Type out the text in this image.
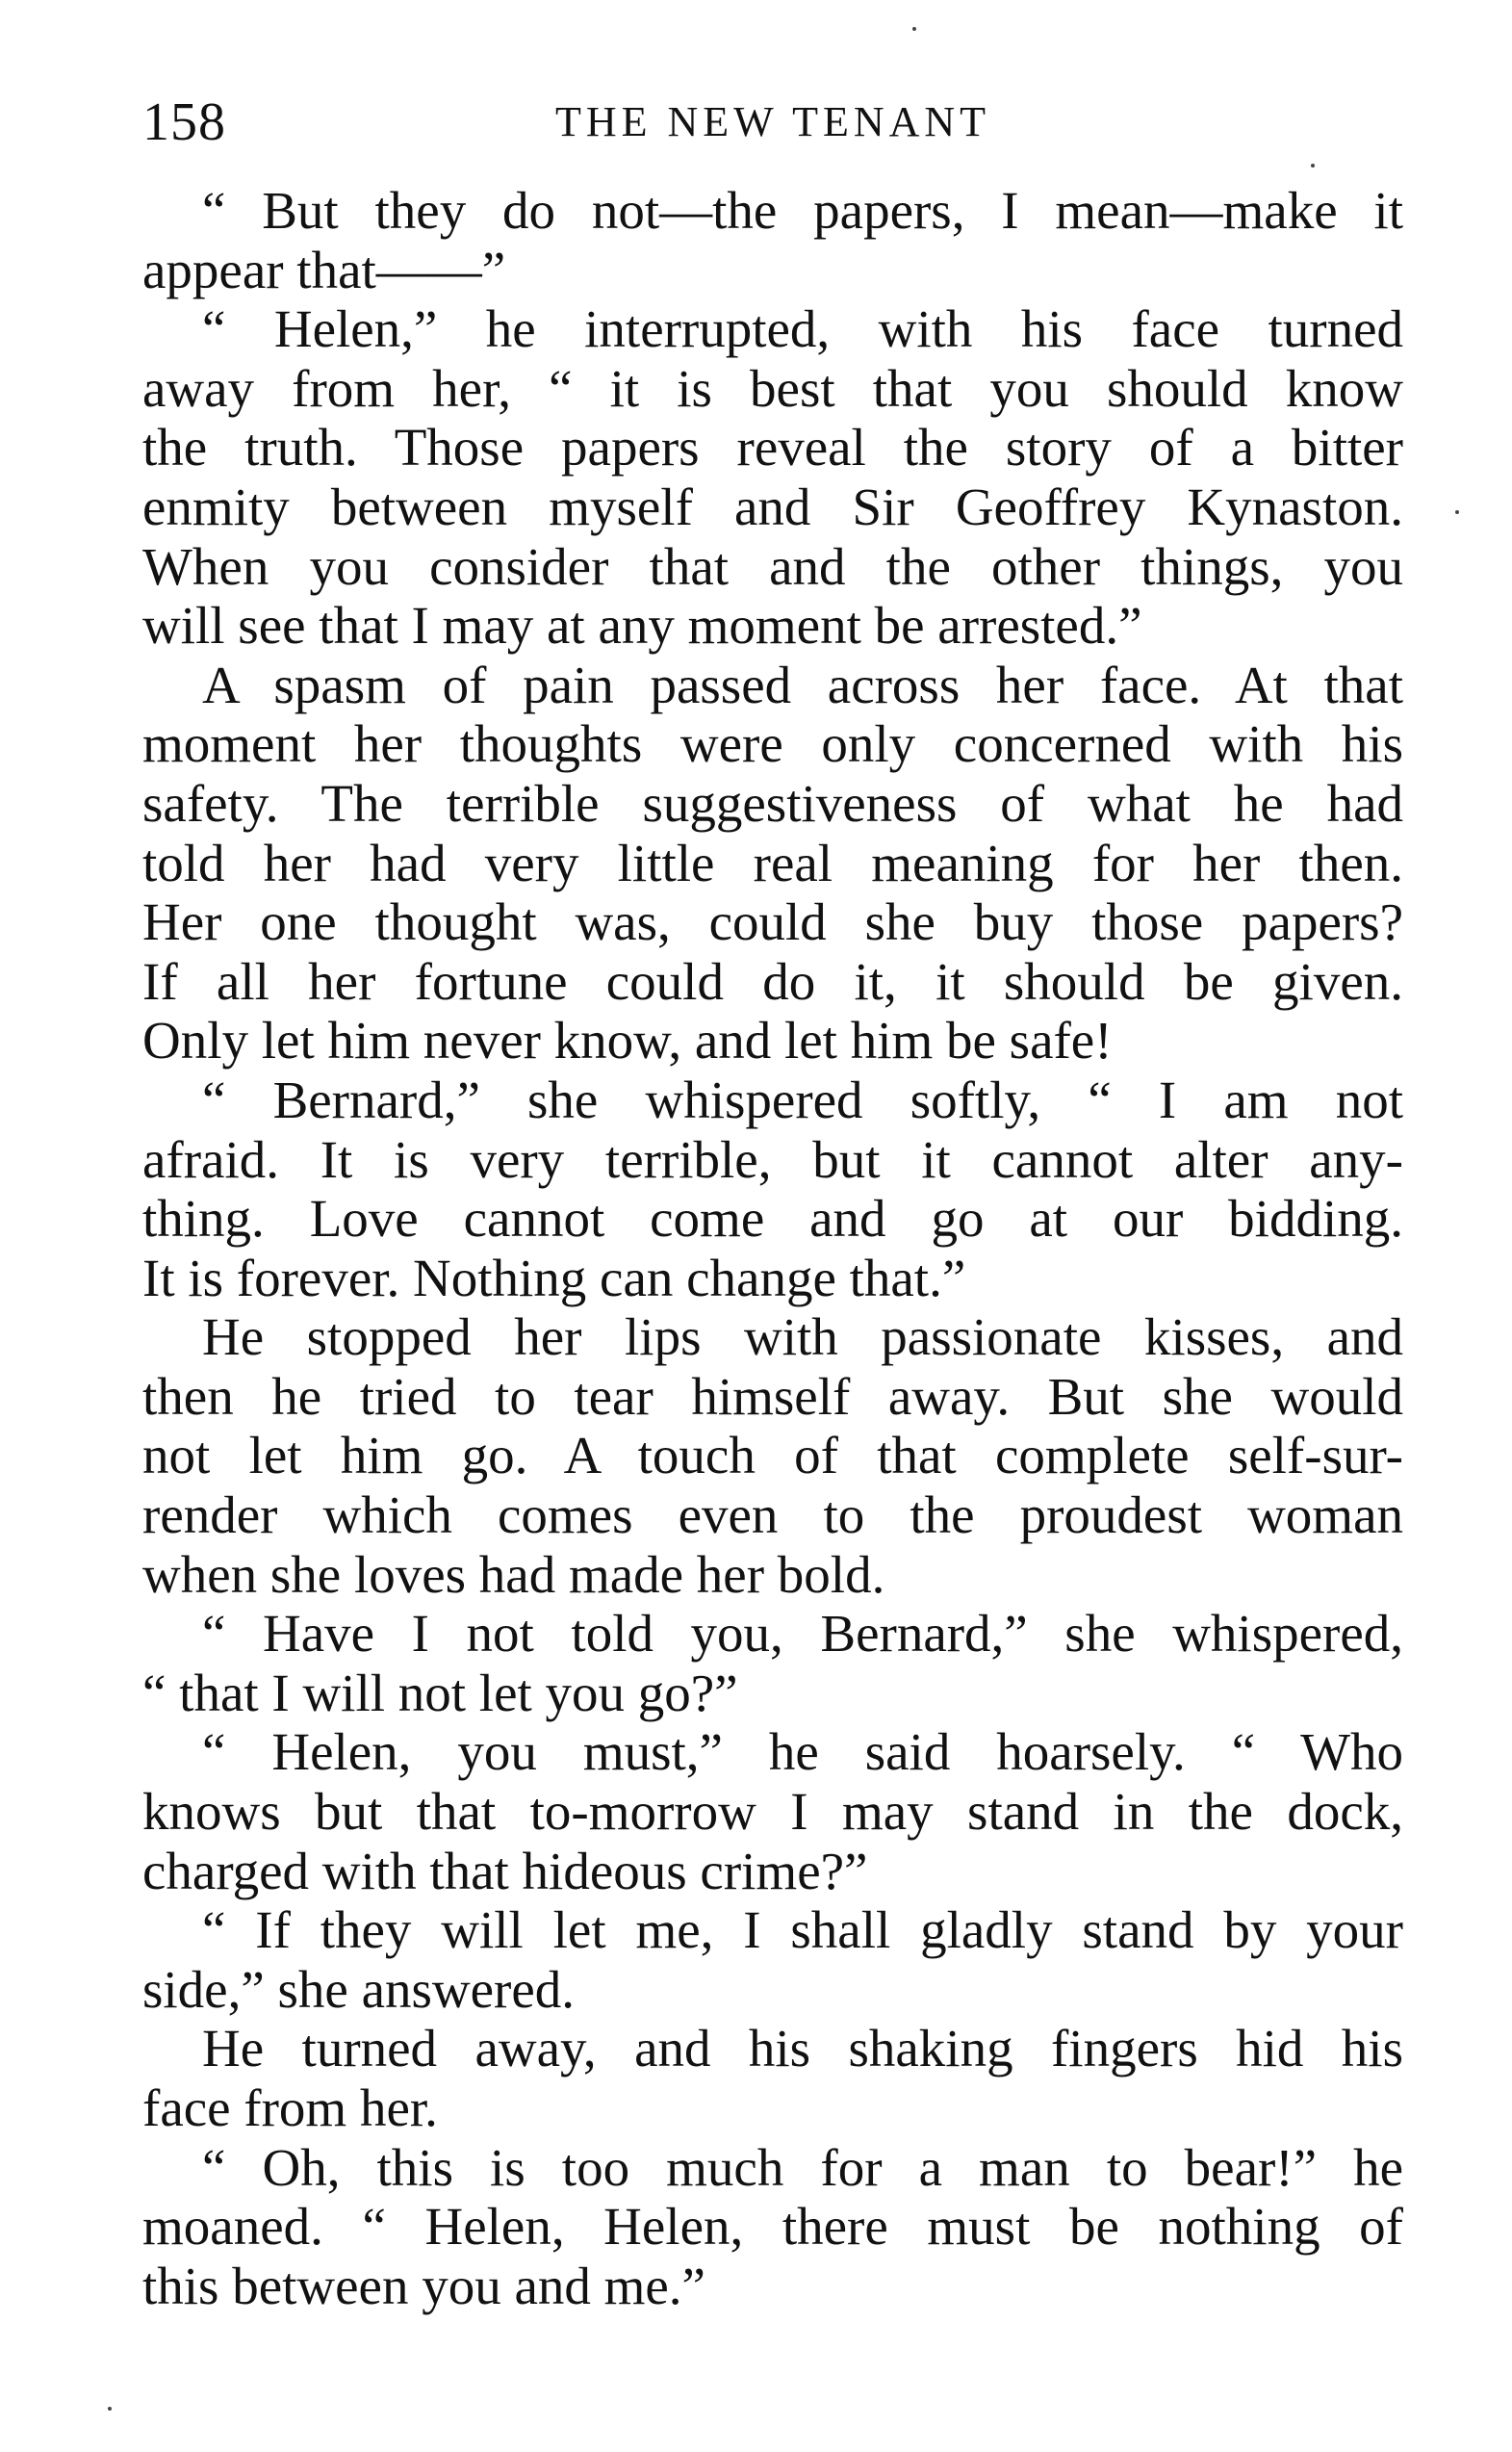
158	THE NEW TENANT
“ But they do not—the papers, I mean—make it
appear that——”
“ Helen,” he interrupted, with his face turned
away from her, “ it is best that you should know
the truth. Those papers reveal the story of a bitter
enmity between myself and Sir Geoffrey Kynaston.
When you consider that and the other things, you
will see that I may at any moment be arrested.”
A spasm of pain passed across her face. At that
moment her thoughts were only concerned with his
safety. The terrible suggestiveness of what he had
told her had very little real meaning for her then.
Her one thought was, could she buy those papers?
If all her fortune could do it, it should be given.
Only let him never know, and let him be safe!
“ Bernard,” she whispered softly, “ I am not
afraid. It is very terrible, but it cannot alter any-
thing. Love cannot come and go at our bidding.
It is forever. Nothing can change that.”
He stopped her lips with passionate kisses, and
then he tried to tear himself away. But she would
not let him go. A touch of that complete self-sur-
render which comes even to the proudest woman
when she loves had made her bold.
“ Have I not told you, Bernard,” she whispered,
“ that I will not let you go?”
“ Helen, you must,” he said hoarsely. “ Who
knows but that to-morrow I may stand in the dock,
charged with that hideous crime?”
“ If they will let me, I shall gladly stand by your
side,” she answered.
He turned away, and his shaking fingers hid his
face from her.
“ Oh, this is too much for a man to bear!” he
moaned. “ Helen, Helen, there must be nothing of
this between you and me.”
